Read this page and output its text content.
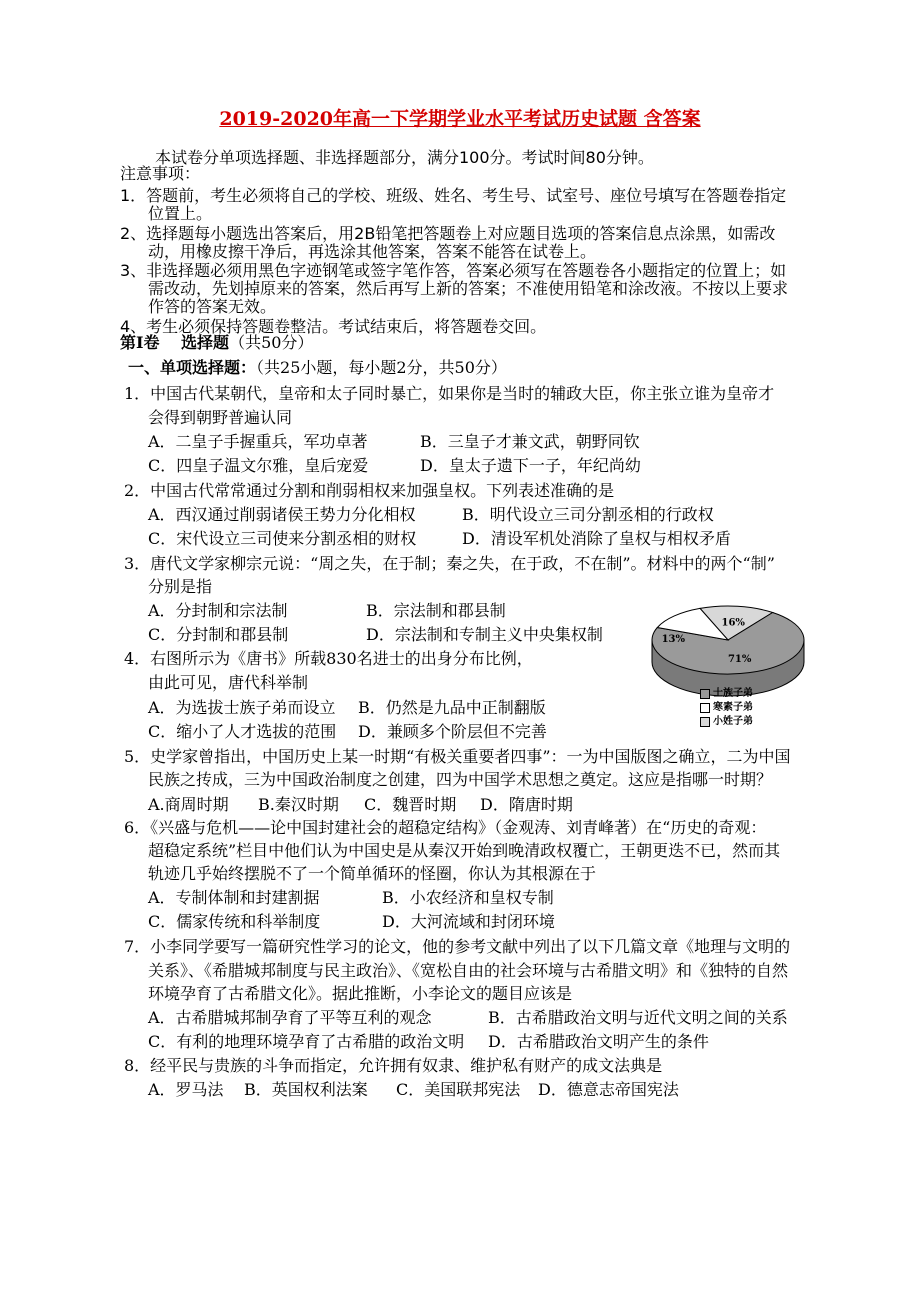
2019-2020年高一下学期学业水平考试历史试题 含答案
本试卷分单项选择题、非选择题部分，满分100分。考试时间80分钟。
注意事项：
1．答题前，考生必须将自己的学校、班级、姓名、考生号、试室号、座位号填写在答题卷指定
位置上。
2、选择题每小题选出答案后，用2B铅笔把答题卷上对应题目选项的答案信息点涂黑，如需改
动，用橡皮擦干净后，再选涂其他答案，答案不能答在试卷上。
3、非选择题必须用黑色字迹钢笔或签字笔作答，答案必须写在答题卷各小题指定的位置上；如
需改动，先划掉原来的答案，然后再写上新的答案；不准使用铅笔和涂改液。不按以上要求
作答的答案无效。
4、考生必须保持答题卷整洁。考试结束后，将答题卷交回。
第Ⅰ卷　 选择题（共50分）
一、单项选择题：（共25小题，每小题2分，共50分）
1．中国古代某朝代，皇帝和太子同时暴亡，如果你是当时的辅政大臣，你主张立谁为皇帝才
会得到朝野普遍认同
A．二皇子手握重兵，军功卓著	B．三皇子才兼文武，朝野同钦
C．四皇子温文尔雅，皇后宠爱	D．皇太子遗下一子，年纪尚幼
2．中国古代常常通过分割和削弱相权来加强皇权。下列表述准确的是
A．西汉通过削弱诸侯王势力分化相权	B．明代设立三司分割丞相的行政权
C．宋代设立三司使来分割丞相的财权	D．清设军机处消除了皇权与相权矛盾
3．唐代文学家柳宗元说：“周之失，在于制；秦之失，在于政，不在制”。材料中的两个“制”
分别是指
A．分封制和宗法制	B．宗法制和郡县制
C．分封制和郡县制	D．宗法制和专制主义中央集权制
4．右图所示为《唐书》所载830名进士的出身分布比例，
由此可见，唐代科举制
A．为选拔士族子弟而设立 B．仍然是九品中正制翻版
C．缩小了人才选拔的范围 D．兼顾多个阶层但不完善
5．史学家曾指出，中国历史上某一时期“有极关重要者四事”：一为中国版图之确立，二为中国
民族之抟成，三为中国政治制度之创建，四为中国学术思想之奠定。这应是指哪一时期？
A.商周时期 B.秦汉时期 C．魏晋时期 D．隋唐时期
6．《兴盛与危机——论中国封建社会的超稳定结构》（金观涛、刘青峰著）在“历史的奇观：
超稳定系统”栏目中他们认为中国史是从秦汉开始到晚清政权覆亡，王朝更迭不已，然而其
轨迹几乎始终摆脱不了一个简单循环的怪圈，你认为其根源在于
A．专制体制和封建割据	B．小农经济和皇权专制
C．儒家传统和科举制度	D．大河流域和封闭环境
7．小李同学要写一篇研究性学习的论文，他的参考文献中列出了以下几篇文章《地理与文明的
关系》、《希腊城邦制度与民主政治》、《宽松自由的社会环境与古希腊文明》和《独特的自然
环境孕育了古希腊文化》。据此推断，小李论文的题目应该是
A．古希腊城邦制孕育了平等互利的观念	B．古希腊政治文明与近代文明之间的关系
C．有利的地理环境孕育了古希腊的政治文明 D．古希腊政治文明产生的条件
8．经平民与贵族的斗争而指定，允许拥有奴隶、维护私有财产的成文法典是
A．罗马法 B．英国权利法案 C．美国联邦宪法 D．德意志帝国宪法
16%
71%
13%
士族子弟
寒素子弟
小姓子弟
